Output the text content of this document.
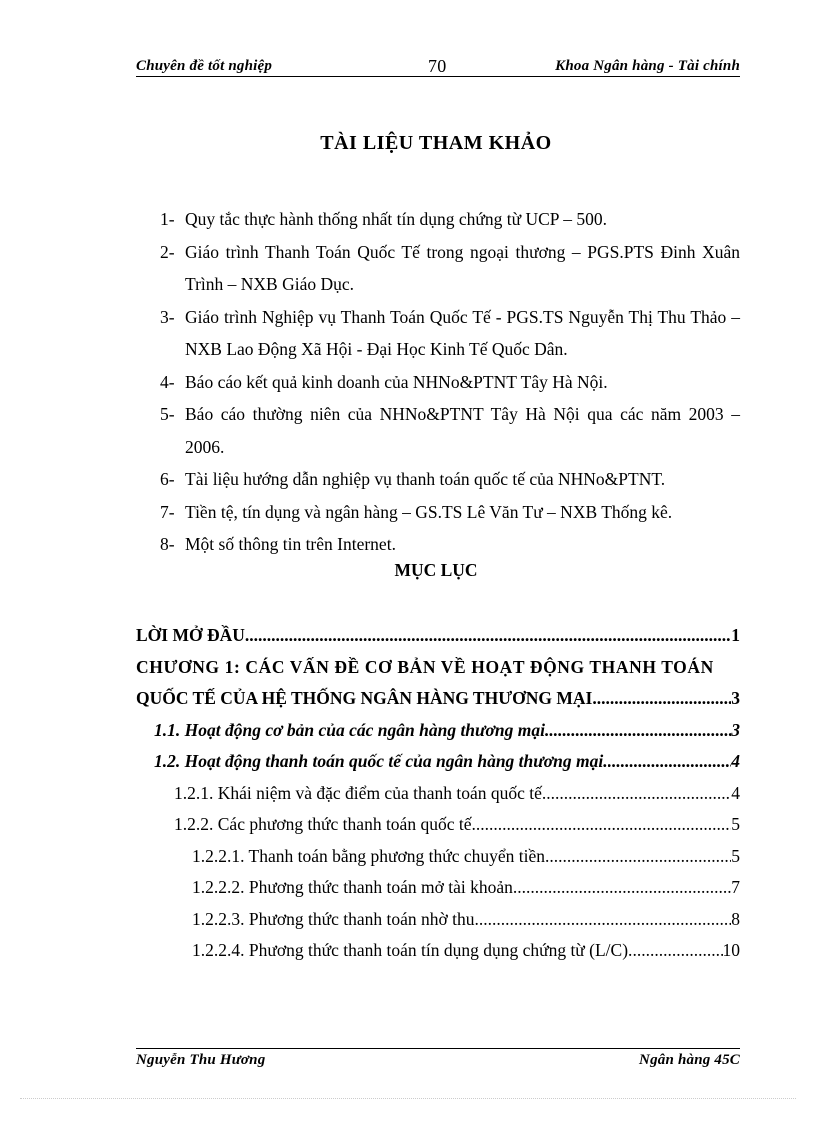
Chuyên đề tốt nghiệp	70	Khoa Ngân hàng - Tài chính
TÀI LIỆU THAM KHẢO
1- Quy tắc thực hành thống nhất tín dụng chứng từ UCP – 500.
2- Giáo trình Thanh Toán Quốc Tế trong ngoại thương – PGS.PTS Đinh Xuân Trình – NXB Giáo Dục.
3- Giáo trình Nghiệp vụ Thanh Toán Quốc Tế - PGS.TS Nguyễn Thị Thu Thảo – NXB Lao Động Xã Hội - Đại Học Kinh Tế Quốc Dân.
4- Báo cáo kết quả kinh doanh của NHNo&PTNT Tây Hà Nội.
5- Báo cáo thường niên của NHNo&PTNT Tây Hà Nội qua các năm 2003 – 2006.
6- Tài liệu hướng dẫn nghiệp vụ thanh toán quốc tế của NHNo&PTNT.
7- Tiền tệ, tín dụng và ngân hàng – GS.TS Lê Văn Tư – NXB Thống kê.
8- Một số thông tin trên Internet.
MỤC LỤC
LỜI MỞ ĐẦU .....	1
CHƯƠNG 1: CÁC VẤN ĐỀ CƠ BẢN VỀ HOẠT ĐỘNG THANH TOÁN
QUỐC TẾ CỦA HỆ THỐNG NGÂN HÀNG THƯƠNG MẠI .....	3
1.1. Hoạt động cơ bản của các ngân hàng thương mại .....	3
1.2. Hoạt động thanh toán quốc tế của ngân hàng thương mại. .....	4
1.2.1. Khái niệm và đặc điểm của thanh toán quốc tế. .....	4
1.2.2. Các phương thức thanh toán quốc tế. .....	5
1.2.2.1. Thanh toán bằng phương thức chuyển tiền. .....	5
1.2.2.2. Phương thức thanh toán mở tài khoản. .....	7
1.2.2.3. Phương thức thanh toán nhờ thu. .....	8
1.2.2.4. Phương thức thanh toán tín dụng dụng chứng từ (L/C). .....	10
Nguyễn Thu Hương	Ngân hàng 45C
